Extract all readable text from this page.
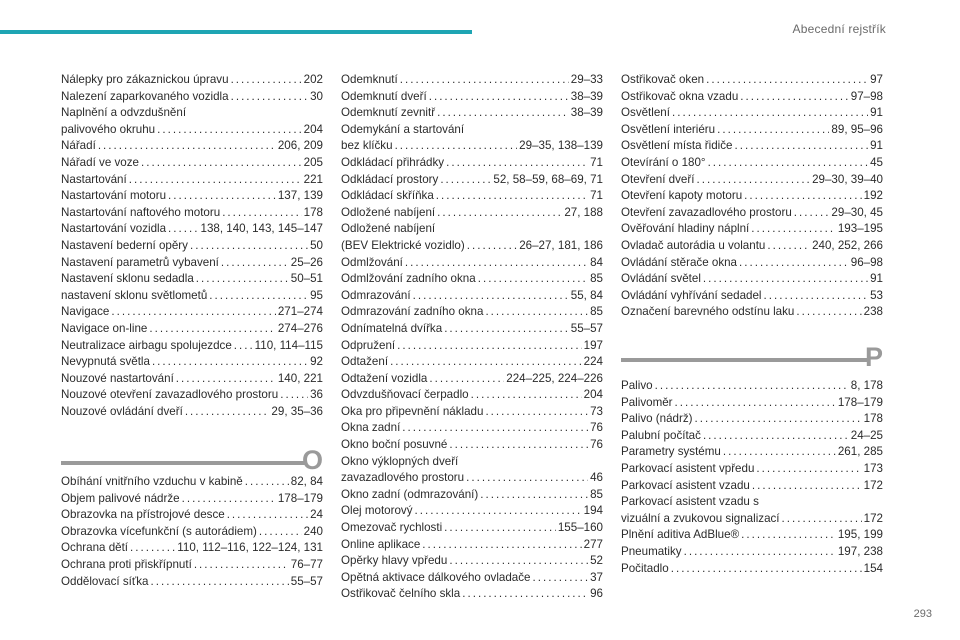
Abecední rejstřík
Nálepky pro zákaznickou úpravu . . .	202
Nalezení zaparkovaného vozidla . . .	30
Naplnění a odvzdušnění
palivového okruhu . . .	204
Nářadí . . .	206, 209
Nářadí ve voze . . .	205
Nastartování . . .	221
Nastartování motoru . . .	137, 139
Nastartování naftového motoru . . .	178
Nastartování vozidla . . .	138, 140, 143, 145–147
Nastavení bederní opěry . . .	50
Nastavení parametrů vybavení . . .	25–26
Nastavení sklonu sedadla . . .	50–51
nastavení sklonu světlometů . . .	95
Navigace . . .	271–274
Navigace on-line . . .	274–276
Neutralizace airbagu spolujezdce . . . 110, 114–115
Nevypnutá světla . . .	92
Nouzové nastartování . . .	140, 221
Nouzové otevření zavazadlového prostoru . . .	36
Nouzové ovládání dveří . . .	29, 35–36
Odemknutí . . .	29–33
Odemknutí dveří . . .	38–39
Odemknutí zevnitř . . .	38–39
Odemykání a startování
bez klíčku . . .	29–35, 138–139
Odkládací přihrádky . . .	71
Odkládací prostory . . .	52, 58–59, 68–69, 71
Odkládací skříňka . . .	71
Odložené nabíjení . . .	27, 188
Odložené nabíjení
(BEV Elektrické vozidlo) . . .	26–27, 181, 186
Odmlžování . . .	84
Odmlžování zadního okna . . .	85
Odmrazování . . .	55, 84
Odmrazování zadního okna . . .	85
Odnímatelná dvířka . . .	55–57
Odpružení . . .	197
Odtažení . . .	224
Odtažení vozidla . . .	224–225, 224–226
Odvzdušňovací čerpadlo . . .	204
Oka pro připevnění nákladu . . .	73
Okna zadní . . .	76
Okno boční posuvné . . .	76
Okno výklopných dveří
zavazadlového prostoru . . .	46
Okno zadní (odmrazování) . . .	85
Olej motorový . . .	194
Omezovač rychlosti . . .	155–160
Online aplikace . . .	277
Opěrky hlavy vpředu . . .	52
Opětná aktivace dálkového ovladače . . .	37
Ostřikovač čelního skla . . .	96
Ostřikovač oken . . .	97
Ostřikovač okna vzadu . . .	97–98
Osvětlení . . .	91
Osvětlení interiéru . . .	89, 95–96
Osvětlení místa řidiče . . .	91
Otevírání o 180° . . .	45
Otevření dveří . . .	29–30, 39–40
Otevření kapoty motoru . . .	192
Otevření zavazadlového prostoru . . .	29–30, 45
Ověřování hladiny náplní . . .	193–195
Ovladač autorádia u volantu . . .	240, 252, 266
Ovládání stěrače okna . . .	96–98
Ovládání světel . . .	91
Ovládání vyhřívání sedadel . . .	53
Označení barevného odstínu laku . . .	238
O
Obíhání vnitřního vzduchu v kabině . . .	82, 84
Objem palivové nádrže . . .	178–179
Obrazovka na přístrojové desce . . .	24
Obrazovka vícefunkční (s autorádiem) . . .	240
Ochrana dětí . . .	110, 112–116, 122–124, 131
Ochrana proti přiskřípnutí . . .	76–77
Oddělovací síťka . . .	55–57
P
Palivo . . .	8, 178
Palivoměr . . .	178–179
Palivo (nádrž) . . .	178
Palubní počítač . . .	24–25
Parametry systému . . .	261, 285
Parkovací asistent vpředu . . .	173
Parkovací asistent vzadu . . .	172
Parkovací asistent vzadu s
vizuální a zvukovou signalizací . . .	172
Plnění aditiva AdBlue® . . .	195, 199
Pneumatiky . . .	197, 238
Počitadlo . . .	154
293
